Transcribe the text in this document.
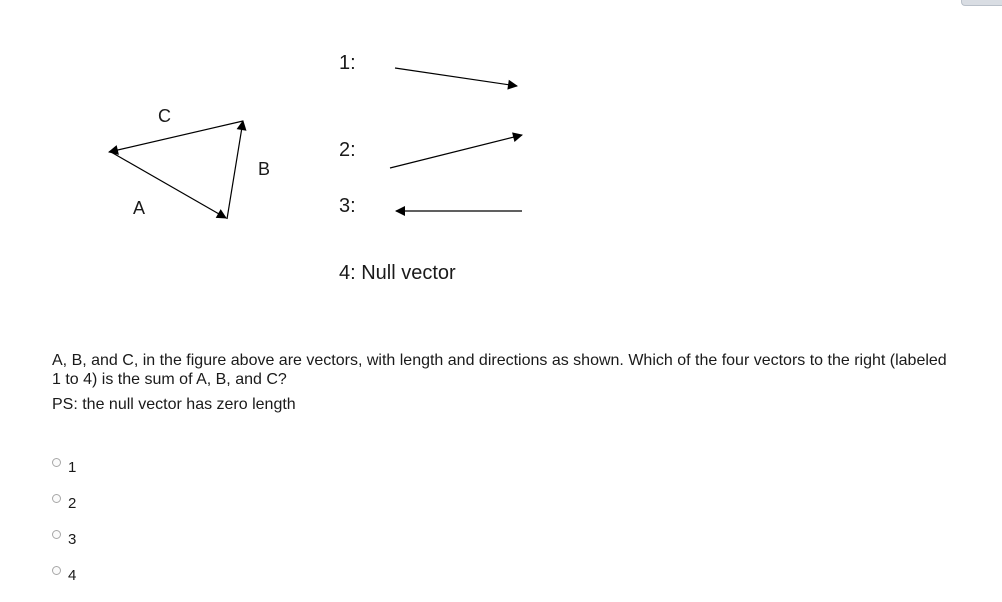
A
B
C
1:
2:
3:
4: Null vector

A, B, and C, in the figure above are vectors, with length and directions as shown. Which of the four vectors to the right (labeled 1 to 4) is the sum of A, B, and C?

PS: the null vector has zero length

1
2
3
4
